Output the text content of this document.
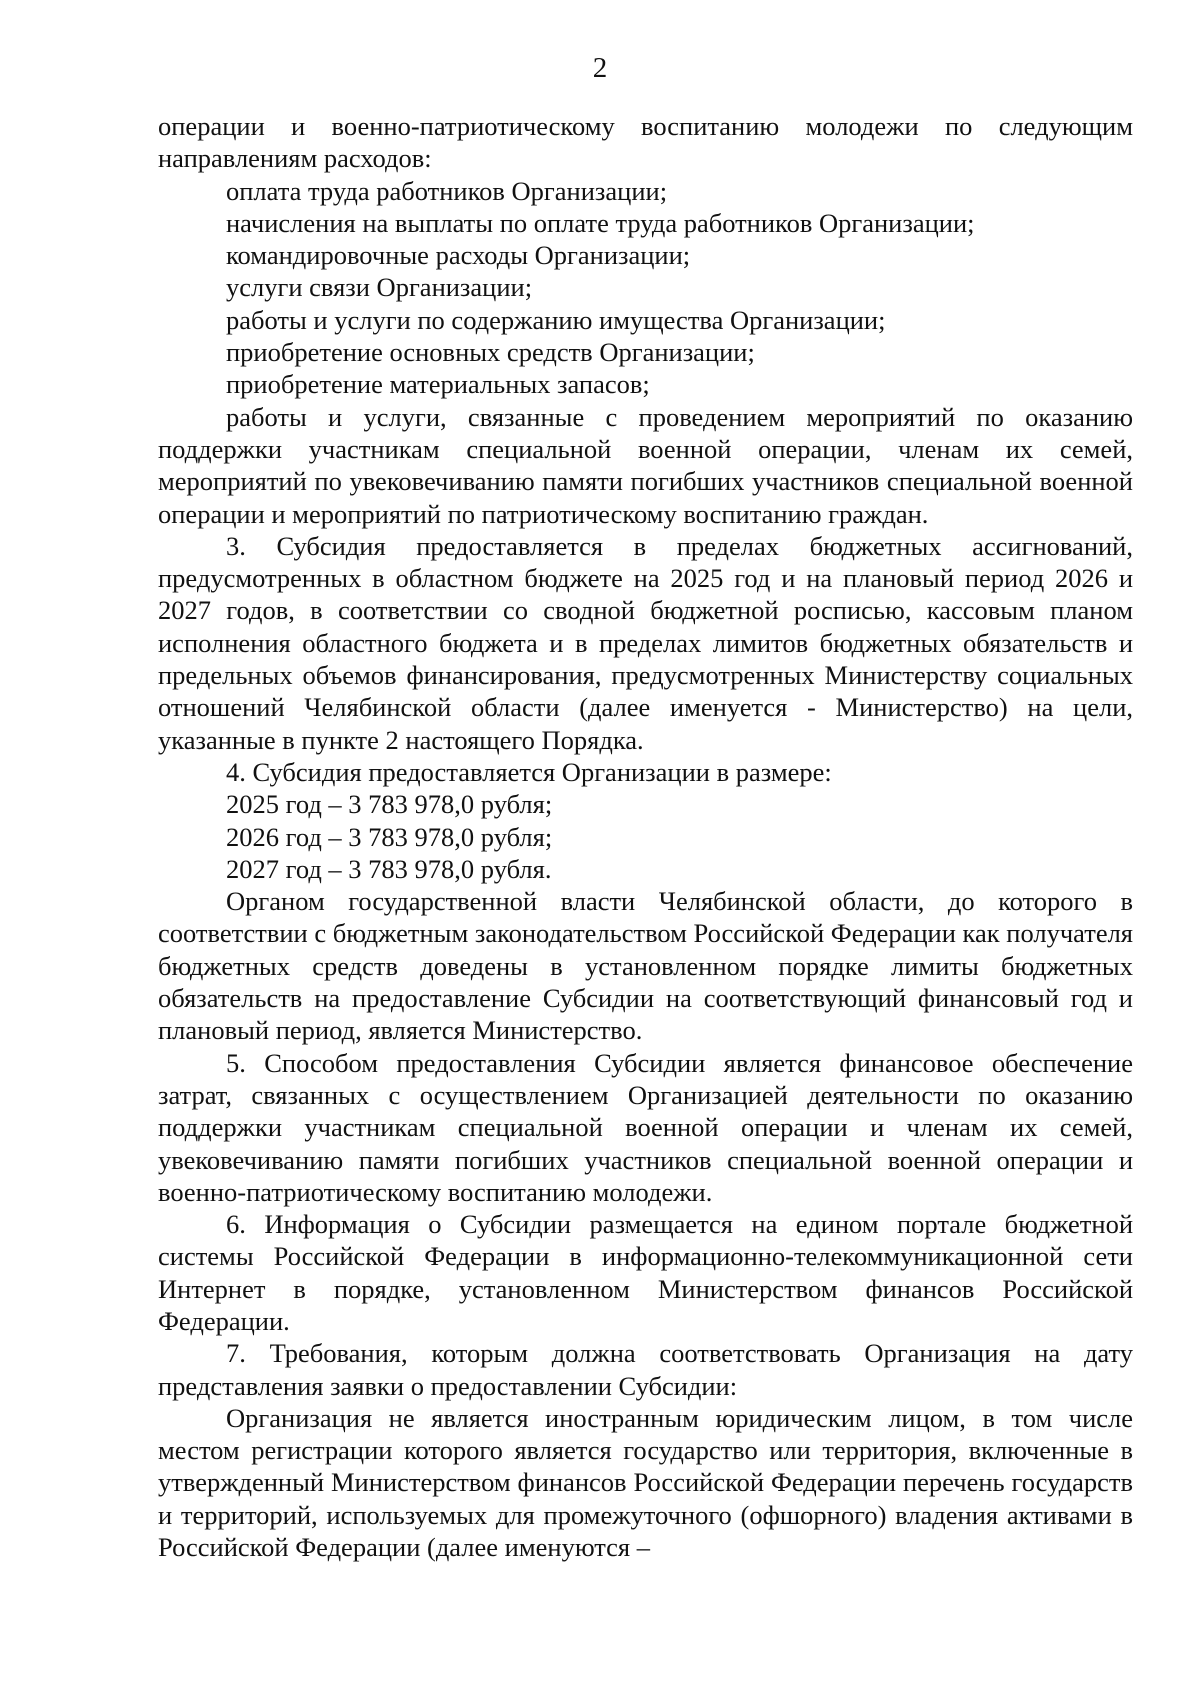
2

операции и военно-патриотическому воспитанию молодежи по следующим направлениям расходов:

оплата труда работников Организации;

начисления на выплаты по оплате труда работников Организации;

командировочные расходы Организации;

услуги связи Организации;

работы и услуги по содержанию имущества Организации;

приобретение основных средств Организации;

приобретение материальных запасов;

работы и услуги, связанные с проведением мероприятий по оказанию поддержки участникам специальной военной операции, членам их семей, мероприятий по увековечиванию памяти погибших участников специальной военной операции и мероприятий по патриотическому воспитанию граждан.

3. Субсидия предоставляется в пределах бюджетных ассигнований, предусмотренных в областном бюджете на 2025 год и на плановый период 2026 и 2027 годов, в соответствии со сводной бюджетной росписью, кассовым планом исполнения областного бюджета и в пределах лимитов бюджетных обязательств и предельных объемов финансирования, предусмотренных Министерству социальных отношений Челябинской области (далее именуется - Министерство) на цели, указанные в пункте 2 настоящего Порядка.

4. Субсидия предоставляется Организации в размере:

2025 год – 3 783 978,0 рубля;

2026 год – 3 783 978,0 рубля;

2027 год – 3 783 978,0 рубля.

Органом государственной власти Челябинской области, до которого в соответствии с бюджетным законодательством Российской Федерации как получателя бюджетных средств доведены в установленном порядке лимиты бюджетных обязательств на предоставление Субсидии на соответствующий финансовый год и плановый период, является Министерство.

5. Способом предоставления Субсидии является финансовое обеспечение затрат, связанных с осуществлением Организацией деятельности по оказанию поддержки участникам специальной военной операции и членам их семей, увековечиванию памяти погибших участников специальной военной операции и военно-патриотическому воспитанию молодежи.

6. Информация о Субсидии размещается на едином портале бюджетной системы Российской Федерации в информационно-телекоммуникационной сети Интернет в порядке, установленном Министерством финансов Российской Федерации.

7. Требования, которым должна соответствовать Организация на дату представления заявки о предоставлении Субсидии:

Организация не является иностранным юридическим лицом, в том числе местом регистрации которого является государство или территория, включенные в утвержденный Министерством финансов Российской Федерации перечень государств и территорий, используемых для промежуточного (офшорного) владения активами в Российской Федерации (далее именуются –
